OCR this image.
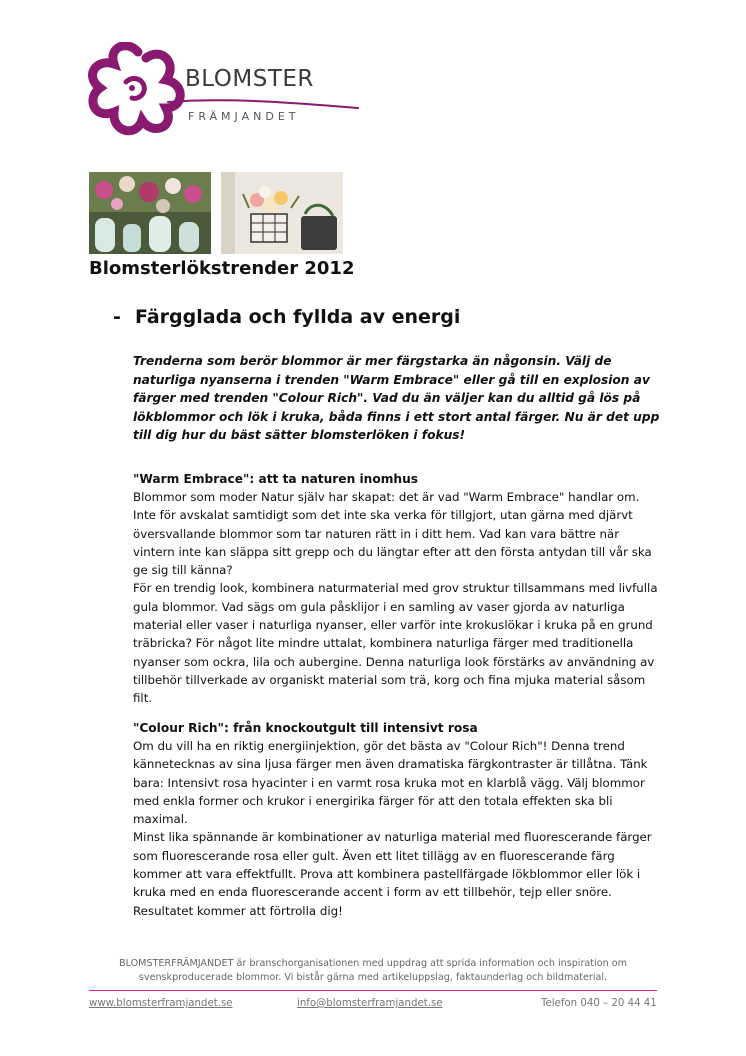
BLOMSTER
FRÄMJANDET
Blomsterlökstrender 2012
- Färgglada och fyllda av energi

Trenderna som berör blommor är mer färgstarka än någonsin. Välj de naturliga nyanserna i trenden "Warm Embrace" eller gå till en explosion av färger med trenden "Colour Rich". Vad du än väljer kan du alltid gå lös på lökblommor och lök i kruka, båda finns i ett stort antal färger. Nu är det upp till dig hur du bäst sätter blomsterlöken i fokus!

"Warm Embrace": att ta naturen inomhus

Blommor som moder Natur själv har skapat: det är vad "Warm Embrace" handlar om. Inte för avskalat samtidigt som det inte ska verka för tillgjort, utan gärna med djärvt översvallande blommor som tar naturen rätt in i ditt hem. Vad kan vara bättre när vintern inte kan släppa sitt grepp och du längtar efter att den första antydan till vår ska ge sig till känna?

För en trendig look, kombinera naturmaterial med grov struktur tillsammans med livfulla gula blommor. Vad sägs om gula påsklijor i en samling av vaser gjorda av naturliga material eller vaser i naturliga nyanser, eller varför inte krokuslökar i kruka på en grund träbricka? För något lite mindre uttalat, kombinera naturliga färger med traditionella nyanser som ockra, lila och aubergine. Denna naturliga look förstärks av användning av tillbehör tillverkade av organiskt material som trä, korg och fina mjuka material såsom filt.

"Colour Rich": från knockoutgult till intensivt rosa

Om du vill ha en riktig energiinjektion, gör det bästa av "Colour Rich"! Denna trend kännetecknas av sina ljusa färger men även dramatiska färgkontraster är tillåtna. Tänk bara: Intensivt rosa hyacinter i en varmt rosa kruka mot en klarblå vägg. Välj blommor med enkla former och krukor i energirika färger för att den totala effekten ska bli maximal.

Minst lika spännande är kombinationer av naturliga material med fluorescerande färger som fluorescerande rosa eller gult. Även ett litet tillägg av en fluorescerande färg kommer att vara effektfullt. Prova att kombinera pastellfärgade lökblommor eller lök i kruka med en enda fluorescerande accent i form av ett tillbehör, tejp eller snöre. Resultatet kommer att förtrolla dig!

BLOMSTERFRÄMJANDET är branschorganisationen med uppdrag att sprida information och inspiration om svenskproducerade blommor. Vi bistår gärna med artikeluppslag, faktaunderlag och bildmaterial.

www.blomsterframjandet.se	info@blomsterframjandet.se	Telefon 040 – 20 44 41
